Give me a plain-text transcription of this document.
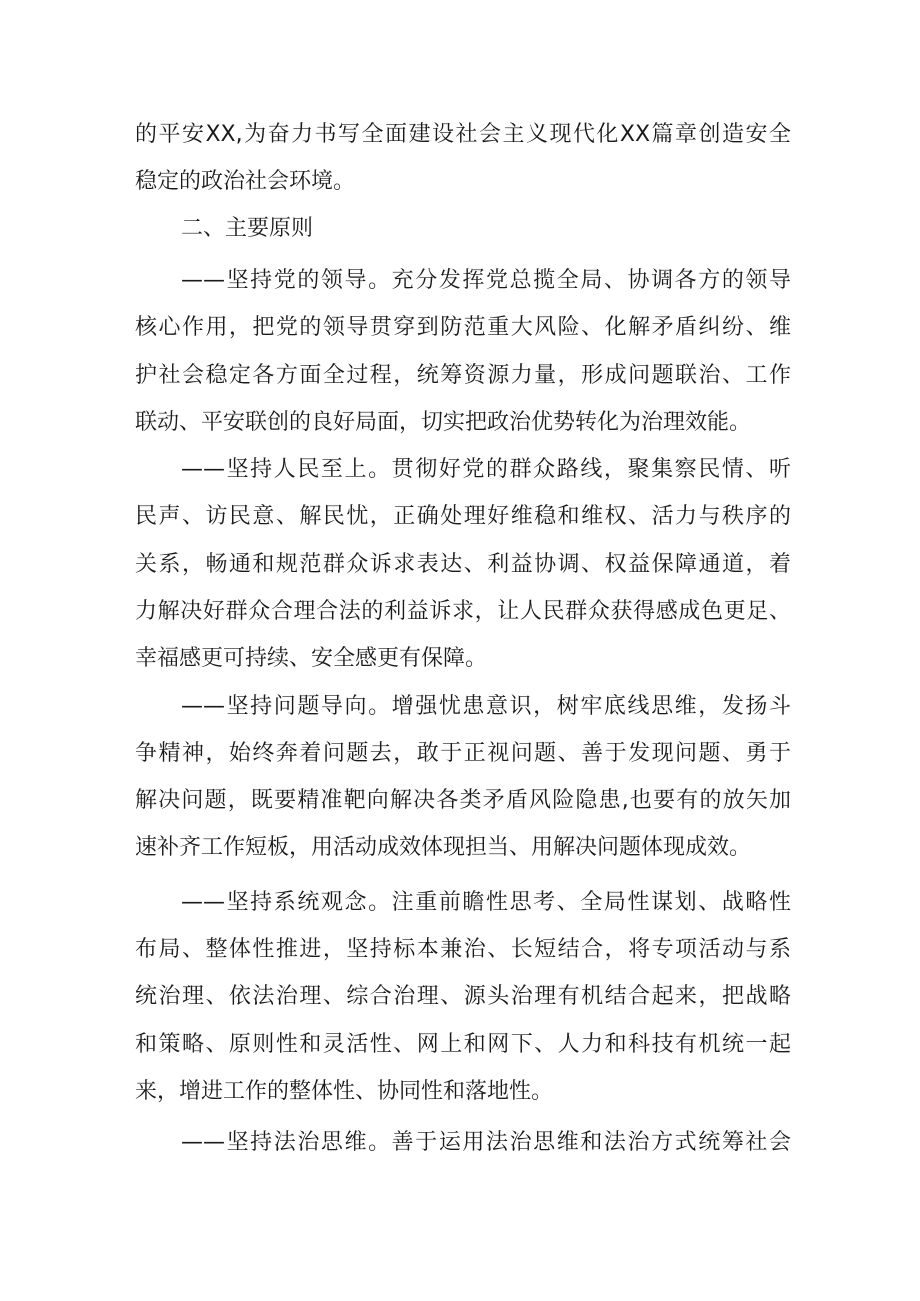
的平安XX,为奋力书写全面建设社会主义现代化XX篇章创造安全
稳定的政治社会环境。
二、主要原则
——坚持党的领导。充分发挥党总揽全局、协调各方的领导
核心作用，把党的领导贯穿到防范重大风险、化解矛盾纠纷、维
护社会稳定各方面全过程，统筹资源力量，形成问题联治、工作
联动、平安联创的良好局面，切实把政治优势转化为治理效能。
——坚持人民至上。贯彻好党的群众路线，聚集察民情、听
民声、访民意、解民忧，正确处理好维稳和维权、活力与秩序的
关系，畅通和规范群众诉求表达、利益协调、权益保障通道，着
力解决好群众合理合法的利益诉求，让人民群众获得感成色更足、
幸福感更可持续、安全感更有保障。
——坚持问题导向。增强忧患意识，树牢底线思维，发扬斗
争精神，始终奔着问题去，敢于正视问题、善于发现问题、勇于
解决问题，既要精准靶向解决各类矛盾风险隐患,也要有的放矢加
速补齐工作短板，用活动成效体现担当、用解决问题体现成效。
——坚持系统观念。注重前瞻性思考、全局性谋划、战略性
布局、整体性推进，坚持标本兼治、长短结合，将专项活动与系
统治理、依法治理、综合治理、源头治理有机结合起来，把战略
和策略、原则性和灵活性、网上和网下、人力和科技有机统一起
来，增进工作的整体性、协同性和落地性。
——坚持法治思维。善于运用法治思维和法治方式统筹社会
